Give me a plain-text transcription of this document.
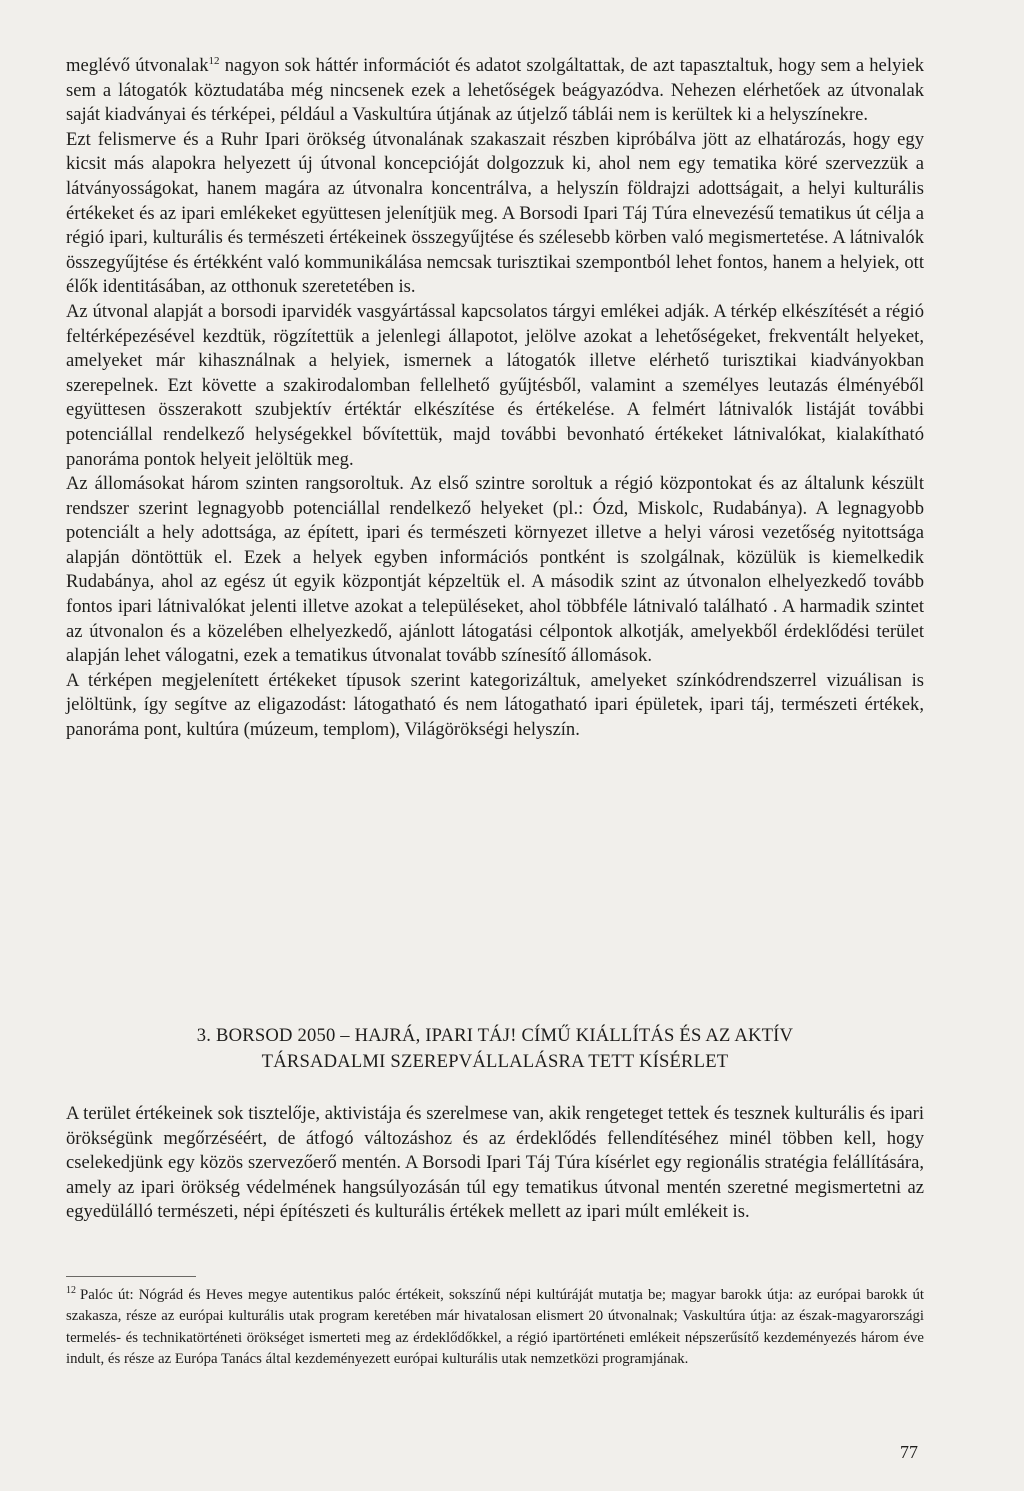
meglévő útvonalak$^{12}$ nagyon sok háttér információt és adatot szolgáltattak, de azt tapasztaltuk, hogy sem a helyiek sem a látogatók köztudatába még nincsenek ezek a lehetőségek beágyazódva. Nehezen elérhetőek az útvonalak saját kiadványai és térképei, például a Vaskultúra útjának az útjelző táblái nem is kerültek ki a helyszínekre.

Ezt felismerve és a Ruhr Ipari örökség útvonalának szakaszait részben kipróbálva jött az elhatározás, hogy egy kicsit más alapokra helyezett új útvonal koncepcióját dolgozzuk ki, ahol nem egy tematika köré szervezzük a látványosságokat, hanem magára az útvonalra koncentrálva, a helyszín földrajzi adottságait, a helyi kulturális értékeket és az ipari emlékeket együttesen jelenítjük meg. A Borsodi Ipari Táj Túra elnevezésű tematikus út célja a régió ipari, kulturális és természeti értékeinek összegyűjtése és szélesebb körben való megismertetése. A látnivalók összegyűjtése és értékként való kommunikálása nemcsak turisztikai szempontból lehet fontos, hanem a helyiek, ott élők identitásában, az otthonuk szeretetében is.

Az útvonal alapját a borsodi iparvidék vasgyártással kapcsolatos tárgyi emlékei adják. A térkép elkészítését a régió feltérképezésével kezdtük, rögzítettük a jelenlegi állapotot, jelölve azokat a lehetőségeket, frekventált helyeket, amelyeket már kihasználnak a helyiek, ismernek a látogatók illetve elérhető turisztikai kiadványokban szerepelnek. Ezt követte a szakirodalomban fellelhető gyűjtésből, valamint a személyes leutazás élményéből együttesen összerakott szubjektív értéktár elkészítése és értékelése. A felmért látnivalók listáját további potenciállal rendelkező helységekkel bővítettük, majd további bevonható értékeket látnivalókat, kialakítható panoráma pontok helyeit jelöltük meg.

Az állomásokat három szinten rangsoroltuk. Az első szintre soroltuk a régió központokat és az általunk készült rendszer szerint legnagyobb potenciállal rendelkező helyeket (pl.: Ózd, Miskolc, Rudabánya). A legnagyobb potenciált a hely adottsága, az épített, ipari és természeti környezet illetve a helyi városi vezetőség nyitottsága alapján döntöttük el. Ezek a helyek egyben információs pontként is szolgálnak, közülük is kiemelkedik Rudabánya, ahol az egész út egyik központját képzeltük el. A második szint az útvonalon elhelyezkedő tovább fontos ipari látnivalókat jelenti illetve azokat a településeket, ahol többféle látnivaló található . A harmadik szintet az útvonalon és a közelében elhelyezkedő, ajánlott látogatási célpontok alkotják, amelyekből érdeklődési terület alapján lehet válogatni, ezek a tematikus útvonalat tovább színesítő állomások.

A térképen megjelenített értékeket típusok szerint kategorizáltuk, amelyeket színkódrendszerrel vizuálisan is jelöltünk, így segítve az eligazodást: látogatható és nem látogatható ipari épületek, ipari táj, természeti értékek, panoráma pont, kultúra (múzeum, templom), Világörökségi helyszín.

3. BORSOD 2050 – HAJRÁ, IPARI TÁJ! CÍMŰ KIÁLLÍTÁS ÉS AZ AKTÍV
TÁRSADALMI SZEREPVÁLLALÁSRA TETT KÍSÉRLET

A terület értékeinek sok tisztelője, aktivistája és szerelmese van, akik rengeteget tettek és tesznek kulturális és ipari örökségünk megőrzéséért, de átfogó változáshoz és az érdeklődés fellendítéséhez minél többen kell, hogy cselekedjünk egy közös szervezőerő mentén. A Borsodi Ipari Táj Túra kísérlet egy regionális stratégia felállítására, amely az ipari örökség védelmének hangsúlyozásán túl egy tematikus útvonal mentén szeretné megismertetni az egyedülálló természeti, népi építészeti és kulturális értékek mellett az ipari múlt emlékeit is.

$^{12}$ Palóc út: Nógrád és Heves megye autentikus palóc értékeit, sokszínű népi kultúráját mutatja be; magyar barokk útja: az európai barokk út szakasza, része az európai kulturális utak program keretében már hivatalosan elismert 20 útvonalnak; Vaskultúra útja: az észak-magyarországi termelés- és technikatörténeti örökséget ismerteti meg az érdeklődőkkel, a régió ipartörténeti emlékeit népszerűsítő kezdeményezés három éve indult, és része az Európa Tanács által kezdeményezett európai kulturális utak nemzetközi programjának.
77
